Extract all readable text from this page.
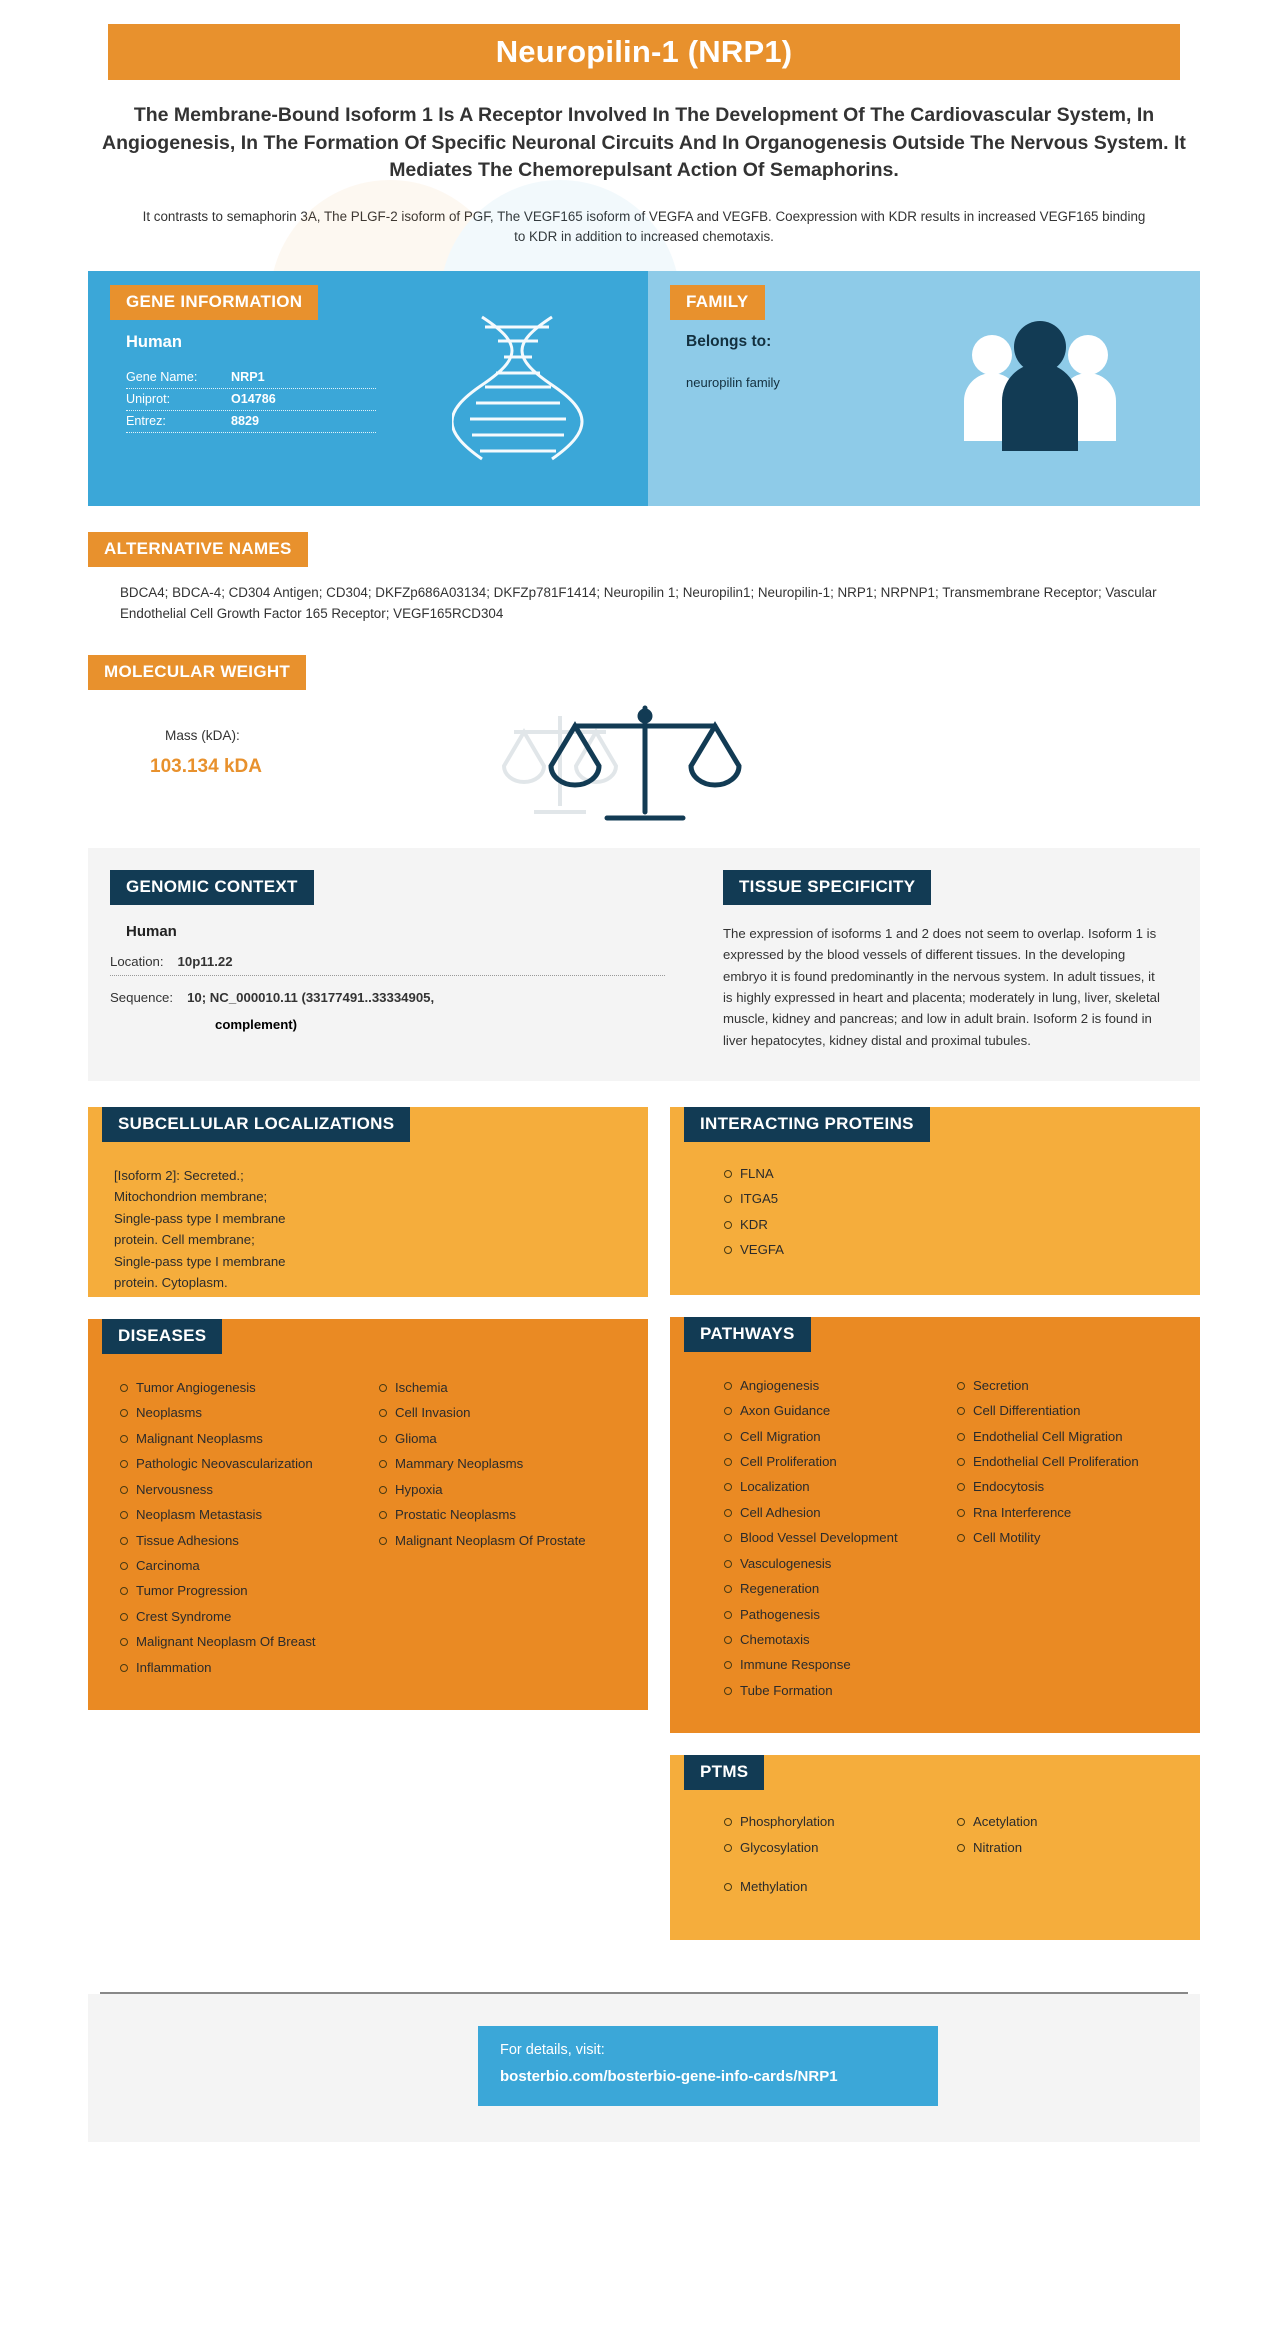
Neuropilin-1 (NRP1)
The Membrane-Bound Isoform 1 Is A Receptor Involved In The Development Of The Cardiovascular System, In Angiogenesis, In The Formation Of Specific Neuronal Circuits And In Organogenesis Outside The Nervous System. It Mediates The Chemorepulsant Action Of Semaphorins.
It contrasts to semaphorin 3A, The PLGF-2 isoform of PGF, The VEGF165 isoform of VEGFA and VEGFB. Coexpression with KDR results in increased VEGF165 binding to KDR in addition to increased chemotaxis.
GENE INFORMATION
Human
Gene Name:	NRP1
Uniprot:	O14786
Entrez:	8829
FAMILY
Belongs to:
neuropilin family
ALTERNATIVE NAMES
BDCA4; BDCA-4; CD304 Antigen; CD304; DKFZp686A03134; DKFZp781F1414; Neuropilin 1; Neuropilin1; Neuropilin-1; NRP1; NRPNP1; Transmembrane Receptor; Vascular Endothelial Cell Growth Factor 165 Receptor; VEGF165RCD304
MOLECULAR WEIGHT
Mass (kDA):
103.134 kDA
GENOMIC CONTEXT
Human
Location: 10p11.22
Sequence: 10; NC_000010.11 (33177491..33334905,
complement)
TISSUE SPECIFICITY
The expression of isoforms 1 and 2 does not seem to overlap. Isoform 1 is expressed by the blood vessels of different tissues. In the developing embryo it is found predominantly in the nervous system. In adult tissues, it is highly expressed in heart and placenta; moderately in lung, liver, skeletal muscle, kidney and pancreas; and low in adult brain. Isoform 2 is found in liver hepatocytes, kidney distal and proximal tubules.
SUBCELLULAR LOCALIZATIONS
[Isoform 2]: Secreted.; Mitochondrion membrane; Single-pass type I membrane protein. Cell membrane; Single-pass type I membrane protein. Cytoplasm.
DISEASES
Tumor Angiogenesis
Neoplasms
Malignant Neoplasms
Pathologic Neovascularization
Nervousness
Neoplasm Metastasis
Tissue Adhesions
Carcinoma
Tumor Progression
Crest Syndrome
Malignant Neoplasm Of Breast
Inflammation
Ischemia
Cell Invasion
Glioma
Mammary Neoplasms
Hypoxia
Prostatic Neoplasms
Malignant Neoplasm Of Prostate
INTERACTING PROTEINS
FLNA
ITGA5
KDR
VEGFA
PATHWAYS
Angiogenesis
Axon Guidance
Cell Migration
Cell Proliferation
Localization
Cell Adhesion
Blood Vessel Development
Vasculogenesis
Regeneration
Pathogenesis
Chemotaxis
Immune Response
Tube Formation
Secretion
Cell Differentiation
Endothelial Cell Migration
Endothelial Cell Proliferation
Endocytosis
Rna Interference
Cell Motility
PTMS
Phosphorylation
Glycosylation
Methylation
Acetylation
Nitration
For details, visit:
bosterbio.com/bosterbio-gene-info-cards/NRP1
